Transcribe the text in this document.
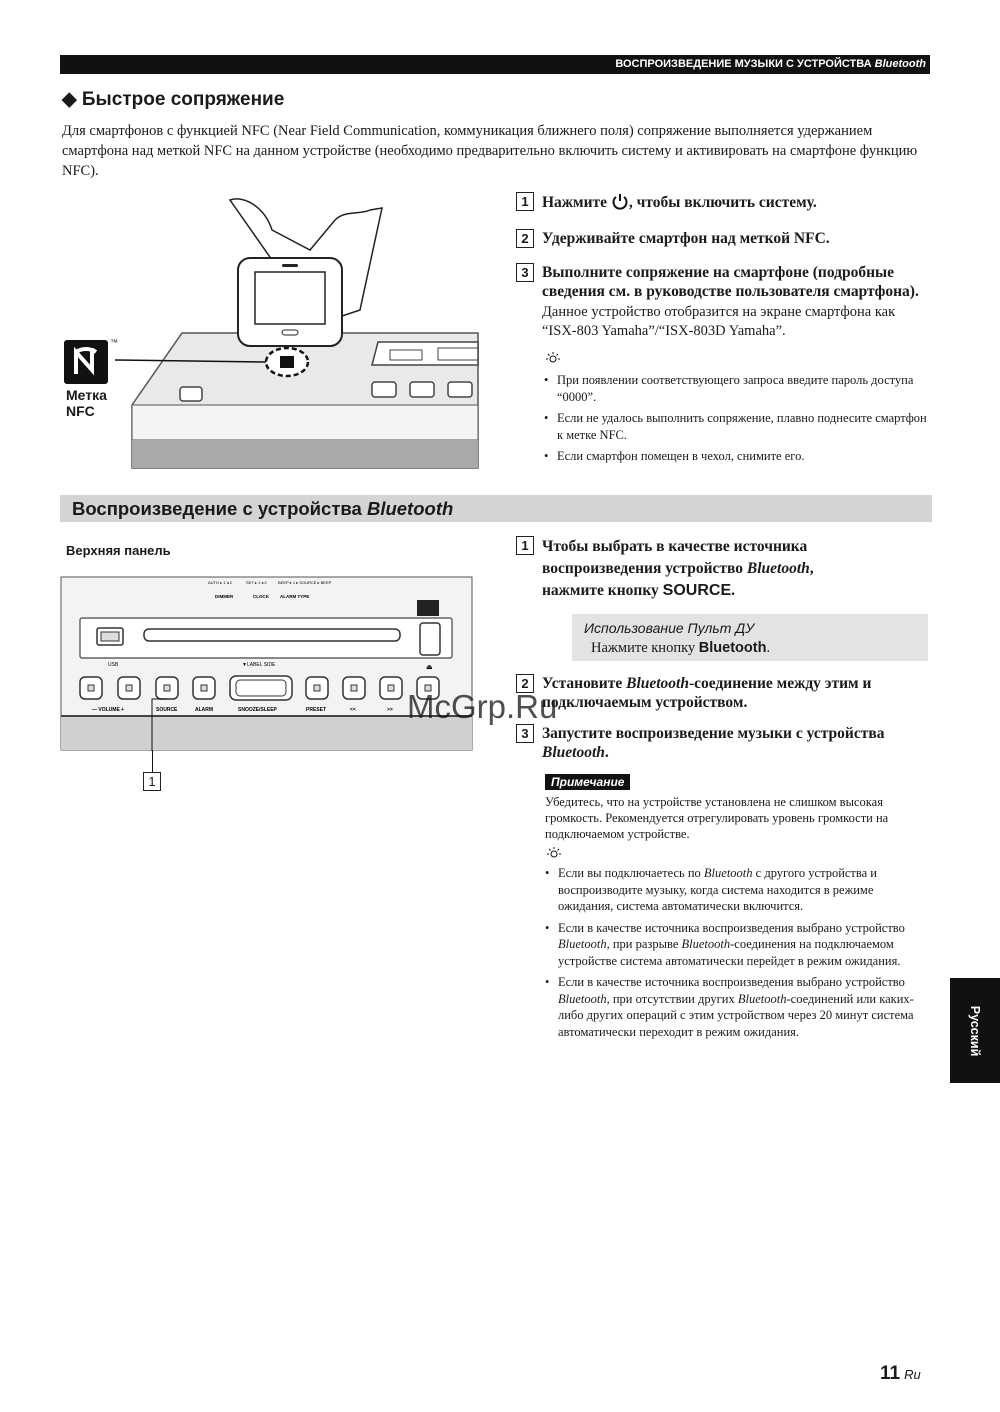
ВОСПРОИЗВЕДЕНИЕ МУЗЫКИ С УСТРОЙСТВА Bluetooth
◆ Быстрое сопряжение
Для смартфонов с функцией NFC (Near Field Communication, коммуникация ближнего поля) сопряжение выполняется удержанием смартфона над меткой NFC на данном устройстве (необходимо предварительно включить систему и активировать на смартфоне функцию NFC).
™
Метка
NFC
1 Нажмите , чтобы включить систему.
2 Удерживайте смартфон над меткой NFC.
3 Выполните сопряжение на смартфоне (подробные сведения см. в руководстве пользователя смартфона).
Данное устройство отобразится на экране смартфона как “ISX-803 Yamaha”/“ISX-803D Yamaha”.
• При появлении соответствующего запроса введите пароль доступа “0000”.
• Если не удалось выполнить сопряжение, плавно поднесите смартфон к метке NFC.
• Если смартфон помещен в чехол, снимите его.
Воспроизведение с устройства Bluetooth
Верхняя панель
AUTO ▸ 1 ◂ 2	SET ▸ 1 ◂ 2	BEEP ▸ 1 ▸ SOURCE ▸ BEEP
DIMMER	CLOCK ALARM TYPE
USB	▼LABEL SIDE	⏏
— VOLUME +	SOURCE	ALARM	SNOOZE/SLEEP	PRESET	<<	>>
1
1 Чтобы выбрать в качестве источника
воспроизведения устройство Bluetooth,
нажмите кнопку SOURCE.
Использование Пульт ДУ
Нажмите кнопку Bluetooth.
2 Установите Bluetooth-соединение между этим и подключаемым устройством.
3 Запустите воспроизведение музыки с устройства Bluetooth.
Примечание
Убедитесь, что на устройстве установлена не слишком высокая громкость. Рекомендуется отрегулировать уровень громкости на подключаемом устройстве.
• Если вы подключаетесь по Bluetooth с другого устройства и воспроизводите музыку, когда система находится в режиме ожидания, система автоматически включится.
• Если в качестве источника воспроизведения выбрано устройство Bluetooth, при разрыве Bluetooth-соединения на подключаемом устройстве система автоматически перейдет в режим ожидания.
• Если в качестве источника воспроизведения выбрано устройство Bluetooth, при отсутствии других Bluetooth-соединений или каких-либо других операций с этим устройством через 20 минут система автоматически переходит в режим ожидания.
McGrp.Ru
Русский
11 Ru
